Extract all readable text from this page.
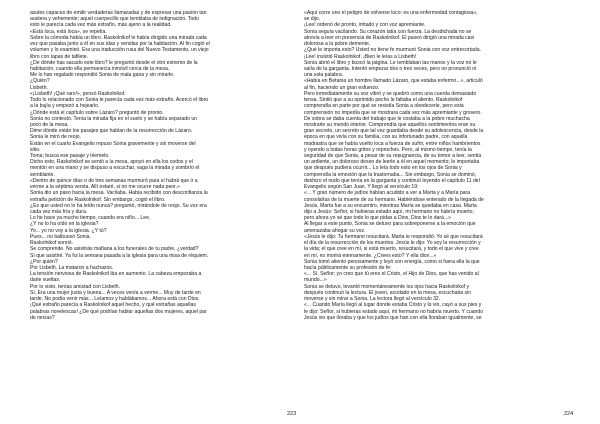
azules capaces de emitir verdaderas llamaradas y de expresar una pasión tan
austera y vehemente; aquel cuerpecillo que temblaba de indignación. Todo
esto le parecía cada vez más extraño, más ajeno a la realidad.
«Está loca, está loca», se repetía.
Sobre la cómoda había un libro. Raskolnikof le había dirigido una mirada cada
vez que pasaba junto a él en sus idas y venidas por la habitación. Al fin cogió el
volumen y lo examinó. Era una traducción rusa del Nuevo Testamento, un viejo
libro con tapas de tafilete.
¿De dónde has sacado este libro? le preguntó desde el otro extremo de la
habitación, cuando ella permanecía inmóvil cerca de la mesa.
Me lo han regalado respondió Sonia de mala gana y sin mirarle.
¿Quién?
Lisbeth.
«¡Lisbeth! ¡Qué raro!», pensó Raskolnikof.
Todo lo relacionado con Sonia le parecía cada vez más extraño. Acercó el libro
a la bujía y empezó a hojearlo.
¿Dónde está el capítulo sobre Lázaro? preguntó de pronto.
Sonia no contestó. Tenía la mirada fija en el suelo y se había separado un
poco de la mesa.
Dime dónde están los pasajes que hablan de la resurrección de Lázaro.
Sonia le miró de reojo.
Están en el cuarto Evangelio repuso Sonia gravemente y sin moverse del
sitio.
Toma; busca ese pasaje y léemelo.
Dicho esto, Raskolnikof se sentó a la mesa, apoyó en ella los codos y el
mentón en una mano y se dispuso a escuchar, vaga la mirada y sombrío el
semblante.
«Dentro de quince días o de tres semanas murmuró para sí habrá que ir a
verme a la séptima versta. Allí estaré, si no me ocurre nada peor.»
Sonia dio un paso hacia la mesa. Vacilaba. Había recibido con desconfianza la
extraña petición de Raskolnikof. Sin embargo, cogió el libro.
¿Es que usted no lo ha leído nunca? preguntó, mirándole de reojo. Su voz era
cada vez más fría y dura.
Lo he hace ya mucho tiempo, cuando era niño... Lee.
¿Y no lo ha oído en la iglesia?
Yo... yo no voy a la iglesia. ¿Y tú?
Pues... no balbuceó Sonia.
Raskolnikof sonrió.
Se comprende. No asistirás mañana a los funerales de tu padre, ¿verdad?
Sí que asistiré. Ya fui la semana pasada a la iglesia para una misa de réquiem.
¿Por quién?
Por Lisbeth. La mataron a hachazos.
La tensión nerviosa de Raskolnikof iba en aumento. La cabeza empezaba a
darle vueltas.
Por lo visto, tenías amistad con Lisbeth.
Sí. Era una mujer justa y buena... A veces venía a verme... Muy de tarde en
tarde. No podía venir más... Leíamos y hablábamos... Ahora está con Dios.
¡Qué extraño parecía a Raskolnikof aquel hecho, y qué extrañas aquellas
palabras novelescas! ¿De qué podrían hablar aquellas dos mujeres, aquel par
de necias?
«Aquí corre uno el peligro de volverse loco: es una enfermedad contagiosa»,
se dijo.
¡Lee! ordenó de pronto, irritado y con voz apremiante.
Sonia seguía vacilando. Su corazón latía con fuerza. La desdichada no se
atrevía a leer en presencia de Raskolnikof. Él paseó dirigió una mirada casi
dolorosa a la pobre demente.
¿Qué le importa esto? Usted no tiene fe murmuró Sonia con voz entrecortada.
¡Lee! insistió Raskolnikof. ¡Bien le leías a Lisbeth!
Sonia abrió el libro y buscó la página. Le temblaban las manos y la voz no le
salía de la garganta. Intentó empezar dos o tres veces, pero no pronunció ni
una sola palabra.
«Había en Betania un hombre llamado Lázaro, que estaba enfermo...», articuló
al fin, haciendo un gran esfuerzo.
Pero inmediatamente su voz vibró y se quebró como una cuerda demasiado
tensa. Sintió que a su oprimido pecho le faltaba el aliento. Raskolnikof
comprendía en parte por qué se resistía Sonia a obedecerle, pero esta
comprensión no impedía que se mostrara cada vez más apremiante y grosero.
De sobra se daba cuenta del trabajo que le costaba a la pobre muchacha
mostrarle su mundo interior. Comprendía que aquellos sentimientos eran su
gran secreto, un secreto que tal vez guardaba desde su adolescencia, desde la
época en que vivía con su familia, con su infortunado padre, con aquella
madrastra que se había vuelto loca a fuerza de sufrir, entre niños hambrientos
y oyendo a todas horas gritos y reproches. Pero, al mismo tiempo, tenía la
seguridad de que Sonia, a pesar de su repugnancia, de su temor a leer, sentía
un ardiente, un doloroso deseo de leerle a él en aquel momento; le importaba
que después pudiera ocurrir... Lo leía todo esto en los ojos de Sonia y
comprendía la emoción que la trastornaba... Sin embargo, Sonia se dominó,
deshizo el nudo que tenía en la garganta y continuó leyendo el capítulo 11 del
Evangelio según San Juan. Y llegó al versículo 19:
«... Y gran número de judíos habían acudido a ver a Marta y a María para
consolarlas de la muerte de su hermano. Habiéndose enterado de la llegada de
Jesús, Marta fue a su encuentro, mientras María se quedaba en casa. Marta
dijo a Jesús: Señor, si hubieras estado aquí, mi hermano no habría muerto;
pero ahora yo sé que todo lo que pidas a Dios, Dios te lo dará...»
Al llegar a este punto, Sonia se detuvo para sobreponerse a la emoción que
amenazaba ahogar su voz.
«Jesús le dijo: Tu hermano resucitará. Marta le respondió: Yo sé que resucitará
el día de la resurrección de los muertos. Jesús le dijo: Yo soy la resurrección y
la vida; el que cree en mí, si está muerto, resucitará, y todo el que vive y cree
en mí, no morirá eternamente. ¿Crees esto? Y ella dice...»
Sonia tomó aliento penosamente y leyó con energía, como si fuera ella la que
hacía públicamente su profesión de fe:
«... Sí, Señor; yo creo que tú eres el Cristo, el Hijo de Dios, que has venido al
mundo...»
Sonia se detuvo, levantó momentáneamente los ojos hacia Raskolnikof y
después continuó la lectura. El joven, acodado en la mesa, escuchaba sin
moverse y sin mirar a Sonia. La lectora llegó al versículo 32.
«... Cuando María llegó al lugar donde estaba Cristo y lo vio, cayó a sus pies y
le dijo: Señor, si hubieras estado aquí, mi hermano no habría muerto. Y cuando
Jesús vio que lloraba y que los judíos que han con ella lloraban igualmente, se
223	224
